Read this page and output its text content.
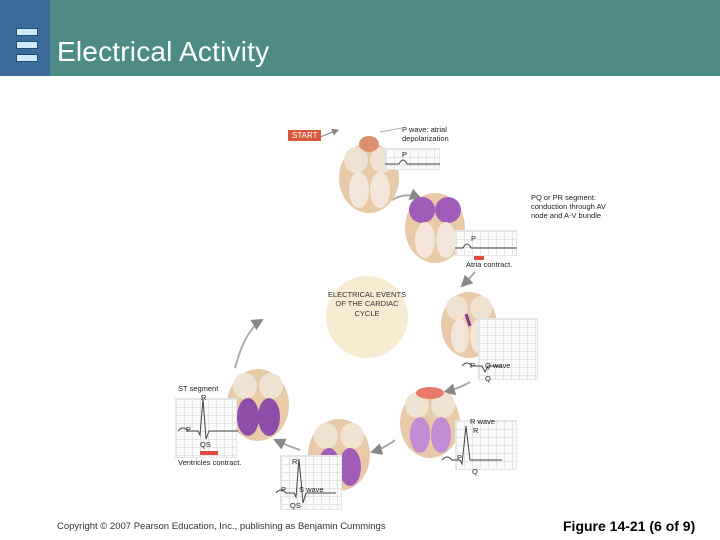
Electrical Activity
ELECTRICAL EVENTS OF THE CARDIAC CYCLE
START
P wave: atrial depolarization
P
PQ or PR segment: conduction through AV node and A-V bundle
P
Atria contract.
P Q wave
Q
ST segment
R
P
QS
Ventricles contract.
R wave
R
P
Q
R
P S wave
QS
Copyright © 2007 Pearson Education, Inc., publishing as Benjamin Cummings	Figure 14-21 (6 of 9)
